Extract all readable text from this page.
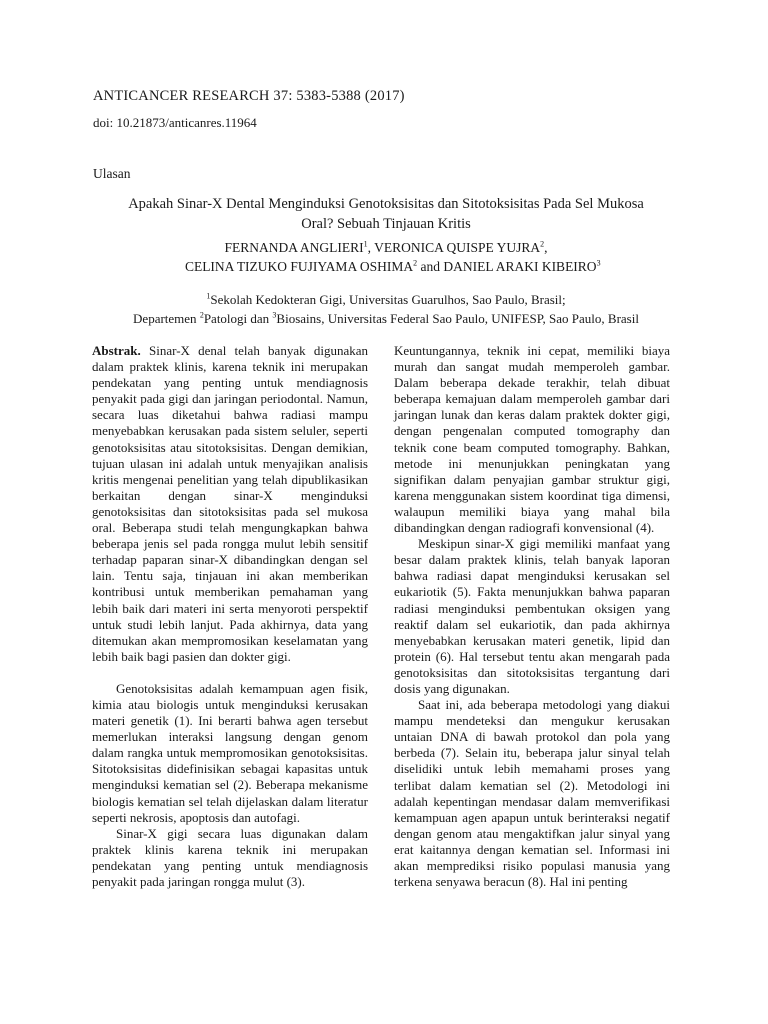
ANTICANCER RESEARCH 37: 5383-5388 (2017)
doi: 10.21873/anticanres.11964
Ulasan
Apakah Sinar-X Dental Menginduksi Genotoksisitas dan Sitotoksisitas Pada Sel Mukosa
Oral? Sebuah Tinjauan Kritis
FERNANDA ANGLIERI$^1$, VERONICA QUISPE YUJRA$^2$,
CELINA TIZUKO FUJIYAMA OSHIMA$^2$ and DANIEL ARAKI KIBEIRO$^3$
$^1$Sekolah Kedokteran Gigi, Universitas Guarulhos, Sao Paulo, Brasil;
Departemen $^2$Patologi dan $^3$Biosains, Universitas Federal Sao Paulo, UNIFESP, Sao Paulo, Brasil

Abstrak. Sinar-X denal telah banyak digunakan dalam praktek klinis, karena teknik ini merupakan pendekatan yang penting untuk mendiagnosis penyakit pada gigi dan jaringan periodontal. Namun, secara luas diketahui bahwa radiasi mampu menyebabkan kerusakan pada sistem seluler, seperti genotoksisitas atau sitotoksisitas. Dengan demikian, tujuan ulasan ini adalah untuk menyajikan analisis kritis mengenai penelitian yang telah dipublikasikan berkaitan dengan sinar-X menginduksi genotoksisitas dan sitotoksisitas pada sel mukosa oral. Beberapa studi telah mengungkapkan bahwa beberapa jenis sel pada rongga mulut lebih sensitif terhadap paparan sinar-X dibandingkan dengan sel lain. Tentu saja, tinjauan ini akan memberikan kontribusi untuk memberikan pemahaman yang lebih baik dari materi ini serta menyoroti perspektif untuk studi lebih lanjut. Pada akhirnya, data yang ditemukan akan mempromosikan keselamatan yang lebih baik bagi pasien dan dokter gigi.

Genotoksisitas adalah kemampuan agen fisik, kimia atau biologis untuk menginduksi kerusakan materi genetik (1). Ini berarti bahwa agen tersebut memerlukan interaksi langsung dengan genom dalam rangka untuk mempromosikan genotoksisitas. Sitotoksisitas didefinisikan sebagai kapasitas untuk menginduksi kematian sel (2). Beberapa mekanisme biologis kematian sel telah dijelaskan dalam literatur seperti nekrosis, apoptosis dan autofagi.

Sinar-X gigi secara luas digunakan dalam praktek klinis karena teknik ini merupakan pendekatan yang penting untuk mendiagnosis penyakit pada jaringan rongga mulut (3).

Keuntungannya, teknik ini cepat, memiliki biaya murah dan sangat mudah memperoleh gambar. Dalam beberapa dekade terakhir, telah dibuat beberapa kemajuan dalam memperoleh gambar dari jaringan lunak dan keras dalam praktek dokter gigi, dengan pengenalan computed tomography dan teknik cone beam computed tomography. Bahkan, metode ini menunjukkan peningkatan yang signifikan dalam penyajian gambar struktur gigi, karena menggunakan sistem koordinat tiga dimensi, walaupun memiliki biaya yang mahal bila dibandingkan dengan radiografi konvensional (4).

Meskipun sinar-X gigi memiliki manfaat yang besar dalam praktek klinis, telah banyak laporan bahwa radiasi dapat menginduksi kerusakan sel eukariotik (5). Fakta menunjukkan bahwa paparan radiasi menginduksi pembentukan oksigen yang reaktif dalam sel eukariotik, dan pada akhirnya menyebabkan kerusakan materi genetik, lipid dan protein (6). Hal tersebut tentu akan mengarah pada genotoksisitas dan sitotoksisitas tergantung dari dosis yang digunakan.

Saat ini, ada beberapa metodologi yang diakui mampu mendeteksi dan mengukur kerusakan untaian DNA di bawah protokol dan pola yang berbeda (7). Selain itu, beberapa jalur sinyal telah diselidiki untuk lebih memahami proses yang terlibat dalam kematian sel (2). Metodologi ini adalah kepentingan mendasar dalam memverifikasi kemampuan agen apapun untuk berinteraksi negatif dengan genom atau mengaktifkan jalur sinyal yang erat kaitannya dengan kematian sel. Informasi ini akan memprediksi risiko populasi manusia yang terkena senyawa beracun (8). Hal ini penting
